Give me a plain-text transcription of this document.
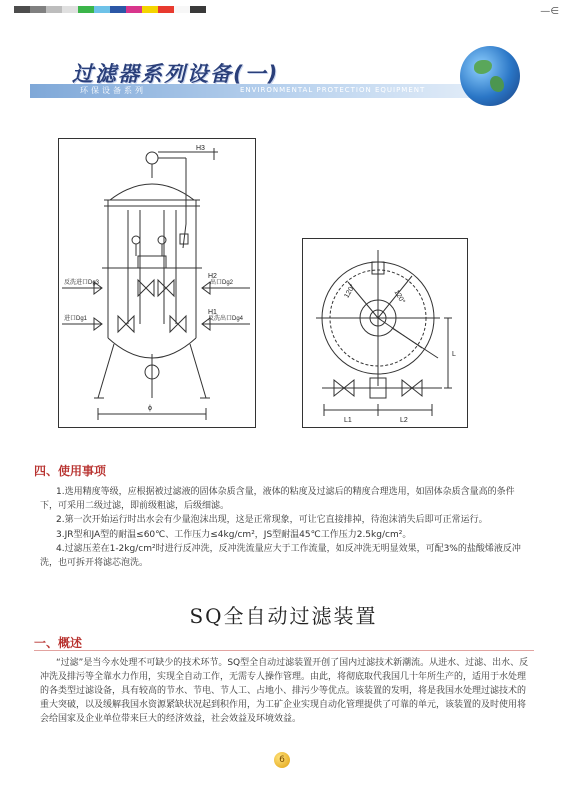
—∈
过滤器系列设备(一)
环保设备系列	ENVIRONMENTAL PROTECTION EQUIPMENT
H3
H2
出口Dg2
反洗进口Dg3
H1
进口Dg1	反洗出口Dg4
ϕ
120°	120°
L
L1	L2
四、使用事项

1.选用精度等级，应根据被过滤液的固体杂质含量，液体的粘度及过滤后的精度合理选用，如固体杂质含量高的条件下，可采用二级过滤，即前级粗滤，后级细滤。

2.第一次开始运行时出水会有少量泡沫出现，这是正常现象，可让它直接排掉，待泡沫消失后即可正常运行。

3.JR型和JA型的耐温≤60℃、工作压力≤4kg/cm²，JS型耐温45℃工作压力2.5kg/cm²。

4.过滤压差在1-2kg/cm²时进行反冲洗，反冲洗流量应大于工作流量，如反冲洗无明显效果，可配3%的盐酸烯液反冲洗，也可拆开将滤芯泡洗。

SQ全自动过滤装置
一、概述
“过滤”是当今水处理不可缺少的技术环节。SQ型全自动过滤装置开创了国内过滤技术新潮流。从进水、过滤、出水、反冲洗及排污等全靠水力作用，实现全自动工作，无需专人操作管理。由此，将彻底取代我国几十年所生产的，适用于水处理的各类型过滤设备，具有较高的节水、节电、节人工、占地小、排污少等优点。该装置的发明，将是我国水处理过滤技术的重大突破，以及缓解我国水资源紧缺状况起到积作用，为工矿企业实现自动化管理提供了可靠的单元，该装置的及时使用将会给国家及企业单位带来巨大的经济效益，社会效益及环境效益。
6
